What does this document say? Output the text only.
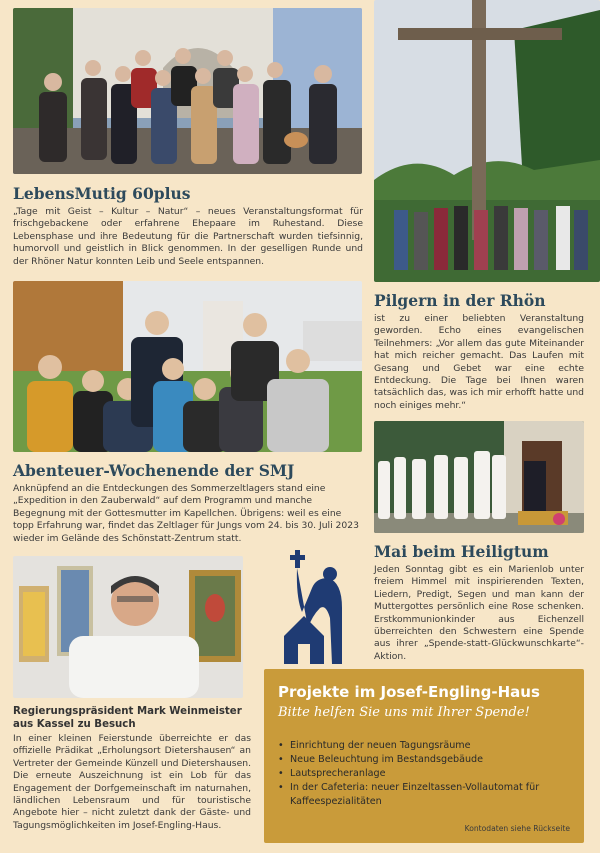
LebensMutig 60plus

„Tage mit Geist – Kultur – Natur“ – neues Veranstaltungsformat für frischgebackene oder erfahrene Ehepaare im Ruhestand. Diese Lebensphase und ihre Bedeutung für die Partnerschaft wurden tiefsinnig, humorvoll und geistlich in Blick genommen. In der geselligen Runde und der Rhöner Natur konnten Leib und Seele entspannen.

Pilgern in der Rhön

ist zu einer beliebten Veranstaltung geworden. Echo eines evangelischen Teilnehmers: „Vor allem das gute Miteinander hat mich reicher gemacht. Das Laufen mit Gesang und Gebet war eine echte Entdeckung. Die Tage bei Ihnen waren tatsächlich das, was ich mir erhofft hatte und noch einiges mehr.“

Abenteuer-Wochenende der SMJ

Anknüpfend an die Entdeckungen des Sommerzeltlagers stand eine „Expedition in den Zauberwald“ auf dem Programm und manche Begegnung mit der Gottesmutter im Kapellchen. Übrigens: weil es eine topp Erfahrung war, findet das Zeltlager für Jungs vom 24. bis 30. Juli 2023 wieder im Gelände des Schönstatt-Zentrum statt.

Mai beim Heiligtum

Jeden Sonntag gibt es ein Marienlob unter freiem Himmel mit inspirierenden Texten, Liedern, Predigt, Segen und man kann der Muttergottes persönlich eine Rose schenken. Erstkommunionkinder aus Eichenzell überreichten den Schwestern eine Spende aus ihrer „Spende-statt-Glückwunschkarte“-Aktion.

Regierungspräsident Mark Weinmeister aus Kassel zu Besuch

In einer kleinen Feierstunde überreichte er das offizielle Prädikat „Erholungsort Dietershausen“ an Vertreter der Gemeinde Künzell und Dietershausen. Die erneute Auszeichnung ist ein Lob für das Engagement der Dorfgemeinschaft im naturnahen, ländlichen Lebensraum und für touristische Angebote hier – nicht zuletzt dank der Gäste- und Tagungsmöglichkeiten im Josef-Engling-Haus.

Projekte im Josef-Engling-Haus

Bitte helfen Sie uns mit Ihrer Spende!

• Einrichtung der neuen Tagungsräume
• Neue Beleuchtung im Bestandsgebäude
• Lautsprecheranlage
• In der Cafeteria: neuer Einzeltassen-Vollautomat für Kaffeespezialitäten

Kontodaten siehe Rückseite
